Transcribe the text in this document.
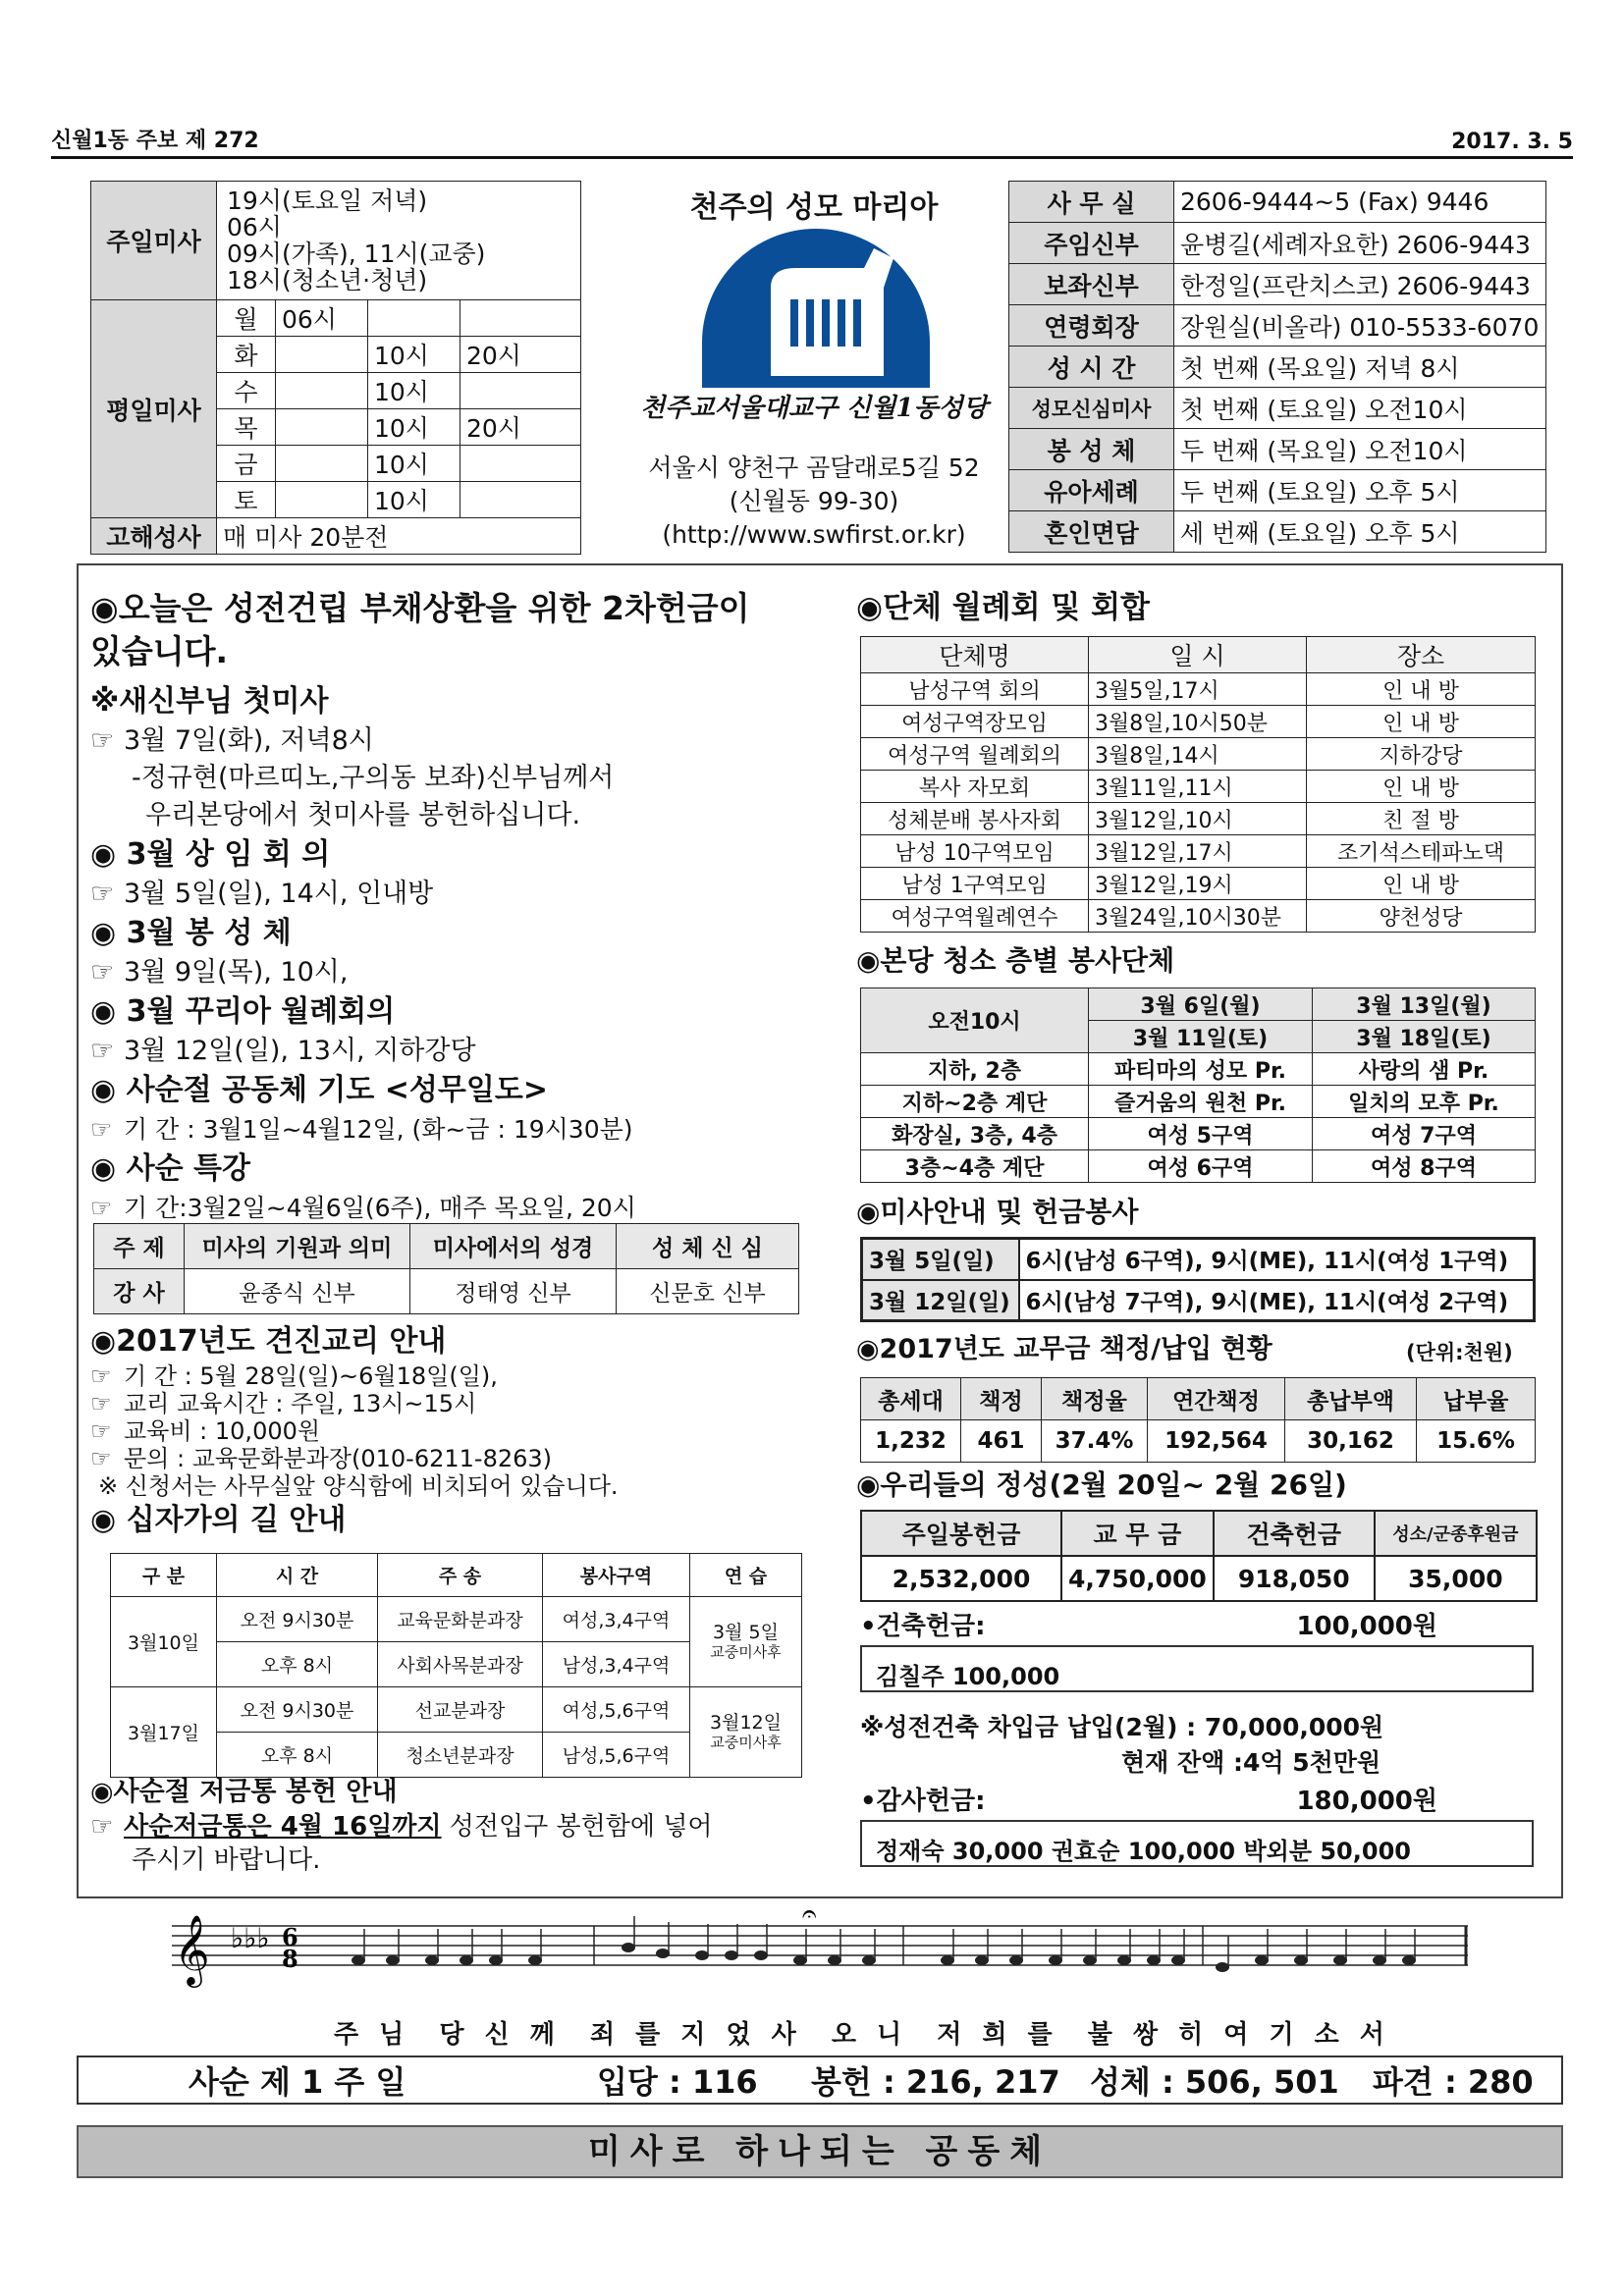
신월1동 주보 제 272	2017. 3. 5
주일미사	19시(토요일 저녁)
06시
09시(가족), 11시(교중)
18시(청소년·청년)			

평일미사	월	06시		
	화		10시	20시
	수		10시	
	목		10시	20시
	금		10시	
	토		10시	
고해성사	매 미사 20분전			
천주의 성모 마리아
천주교서울대교구 신월1동성당
서울시 양천구 곰달래로5길 52
(신월동 99-30)
(http://www.swfirst.or.kr)
사 무 실	2606-9444~5 (Fax) 9446
주임신부	윤병길(세례자요한) 2606-9443
보좌신부	한정일(프란치스코) 2606-9443
연령회장	장원실(비올라) 010-5533-6070
성 시 간	첫 번째 (목요일) 저녁 8시
성모신심미사	첫 번째 (토요일) 오전10시
봉 성 체	두 번째 (목요일) 오전10시
유아세례	두 번째 (토요일) 오후 5시
혼인면담	세 번째 (토요일) 오후 5시
◉오늘은 성전건립 부채상환을 위한 2차헌금이 있습니다.
※새신부님 첫미사
☞ 3월 7일(화), 저녁8시
-정규현(마르띠노,구의동 보좌)신부님께서
우리본당에서 첫미사를 봉헌하십니다.
◉ 3월 상 임 회 의
☞ 3월 5일(일), 14시, 인내방
◉ 3월 봉 성 체
☞ 3월 9일(목), 10시,
◉ 3월 꾸리아 월례회의
☞ 3월 12일(일), 13시, 지하강당
◉ 사순절 공동체 기도 <성무일도>
☞ 기 간 : 3월1일~4월12일, (화~금 : 19시30분)
◉ 사순 특강
☞ 기 간:3월2일~4월6일(6주), 매주 목요일, 20시
주 제	미사의 기원과 의미	미사에서의 성경	성 체 신 심
강 사	윤종식 신부	정태영 신부	신문호 신부
◉2017년도 견진교리 안내
☞ 기 간 : 5월 28일(일)~6월18일(일),
☞ 교리 교육시간 : 주일, 13시~15시
☞ 교육비 : 10,000원
☞ 문의 : 교육문화분과장(010-6211-8263)
※ 신청서는 사무실앞 양식함에 비치되어 있습니다.
◉ 십자가의 길 안내
구 분	시 간	주 송	봉사구역	연 습
3월10일	오전 9시30분	교육문화분과장	여성,3,4구역	3월 5일
교중미사후

	오후 8시	사회사목분과장	남성,3,4구역	
3월17일	오전 9시30분	선교분과장	여성,5,6구역	3월12일
교중미사후

	오후 8시	청소년분과장	남성,5,6구역	
◉사순절 저금통 봉헌 안내
☞ 사순저금통은 4월 16일까지 성전입구 봉헌함에 넣어
주시기 바랍니다.
◉단체 월례회 및 회합
단체명	일 시	장소
남성구역 회의	3월5일,17시	인 내 방
여성구역장모임	3월8일,10시50분	인 내 방
여성구역 월례회의	3월8일,14시	지하강당
복사 자모회	3월11일,11시	인 내 방
성체분배 봉사자회	3월12일,10시	친 절 방
남성 10구역모임	3월12일,17시	조기석스테파노댁
남성 1구역모임	3월12일,19시	인 내 방
여성구역월례연수	3월24일,10시30분	양천성당
◉본당 청소 층별 봉사단체
오전10시	3월 6일(월)	3월 13일(월)
	3월 11일(토)	3월 18일(토)
지하, 2층	파티마의 성모 Pr.	사랑의 샘 Pr.
지하~2층 계단	즐거움의 원천 Pr.	일치의 모후 Pr.
화장실, 3층, 4층	여성 5구역	여성 7구역
3층~4층 계단	여성 6구역	여성 8구역
◉미사안내 및 헌금봉사
3월 5일(일)	6시(남성 6구역), 9시(ME), 11시(여성 1구역)
3월 12일(일)	6시(남성 7구역), 9시(ME), 11시(여성 2구역)
◉2017년도 교무금 책정/납입 현황	(단위:천원)
총세대	책정	책정율	연간책정	총납부액	납부율
1,232	461	37.4%	192,564	30,162	15.6%
◉우리들의 정성(2월 20일~ 2월 26일)
주일봉헌금	교 무 금	건축헌금	성소/군종후원금
2,532,000	4,750,000	918,050	35,000
•건축헌금:	100,000원
김칠주 100,000
※성전건축 차입금 납입(2월) : 70,000,000원
현재 잔액 :4억 5천만원
•감사헌금:	180,000원
정재숙 30,000 권효순 100,000 박외분 50,000
𝄞 ♭♭♭ 6
8
𝄐
주 님  당 신 께  죄 를 지 었 사  오 니  저 희 를  불 쌍 히 여 기 소 서
사순 제 1 주 일	입당 : 116 봉헌 : 216, 217 성체 : 506, 501 파견 : 280
미사로 하나되는 공동체
